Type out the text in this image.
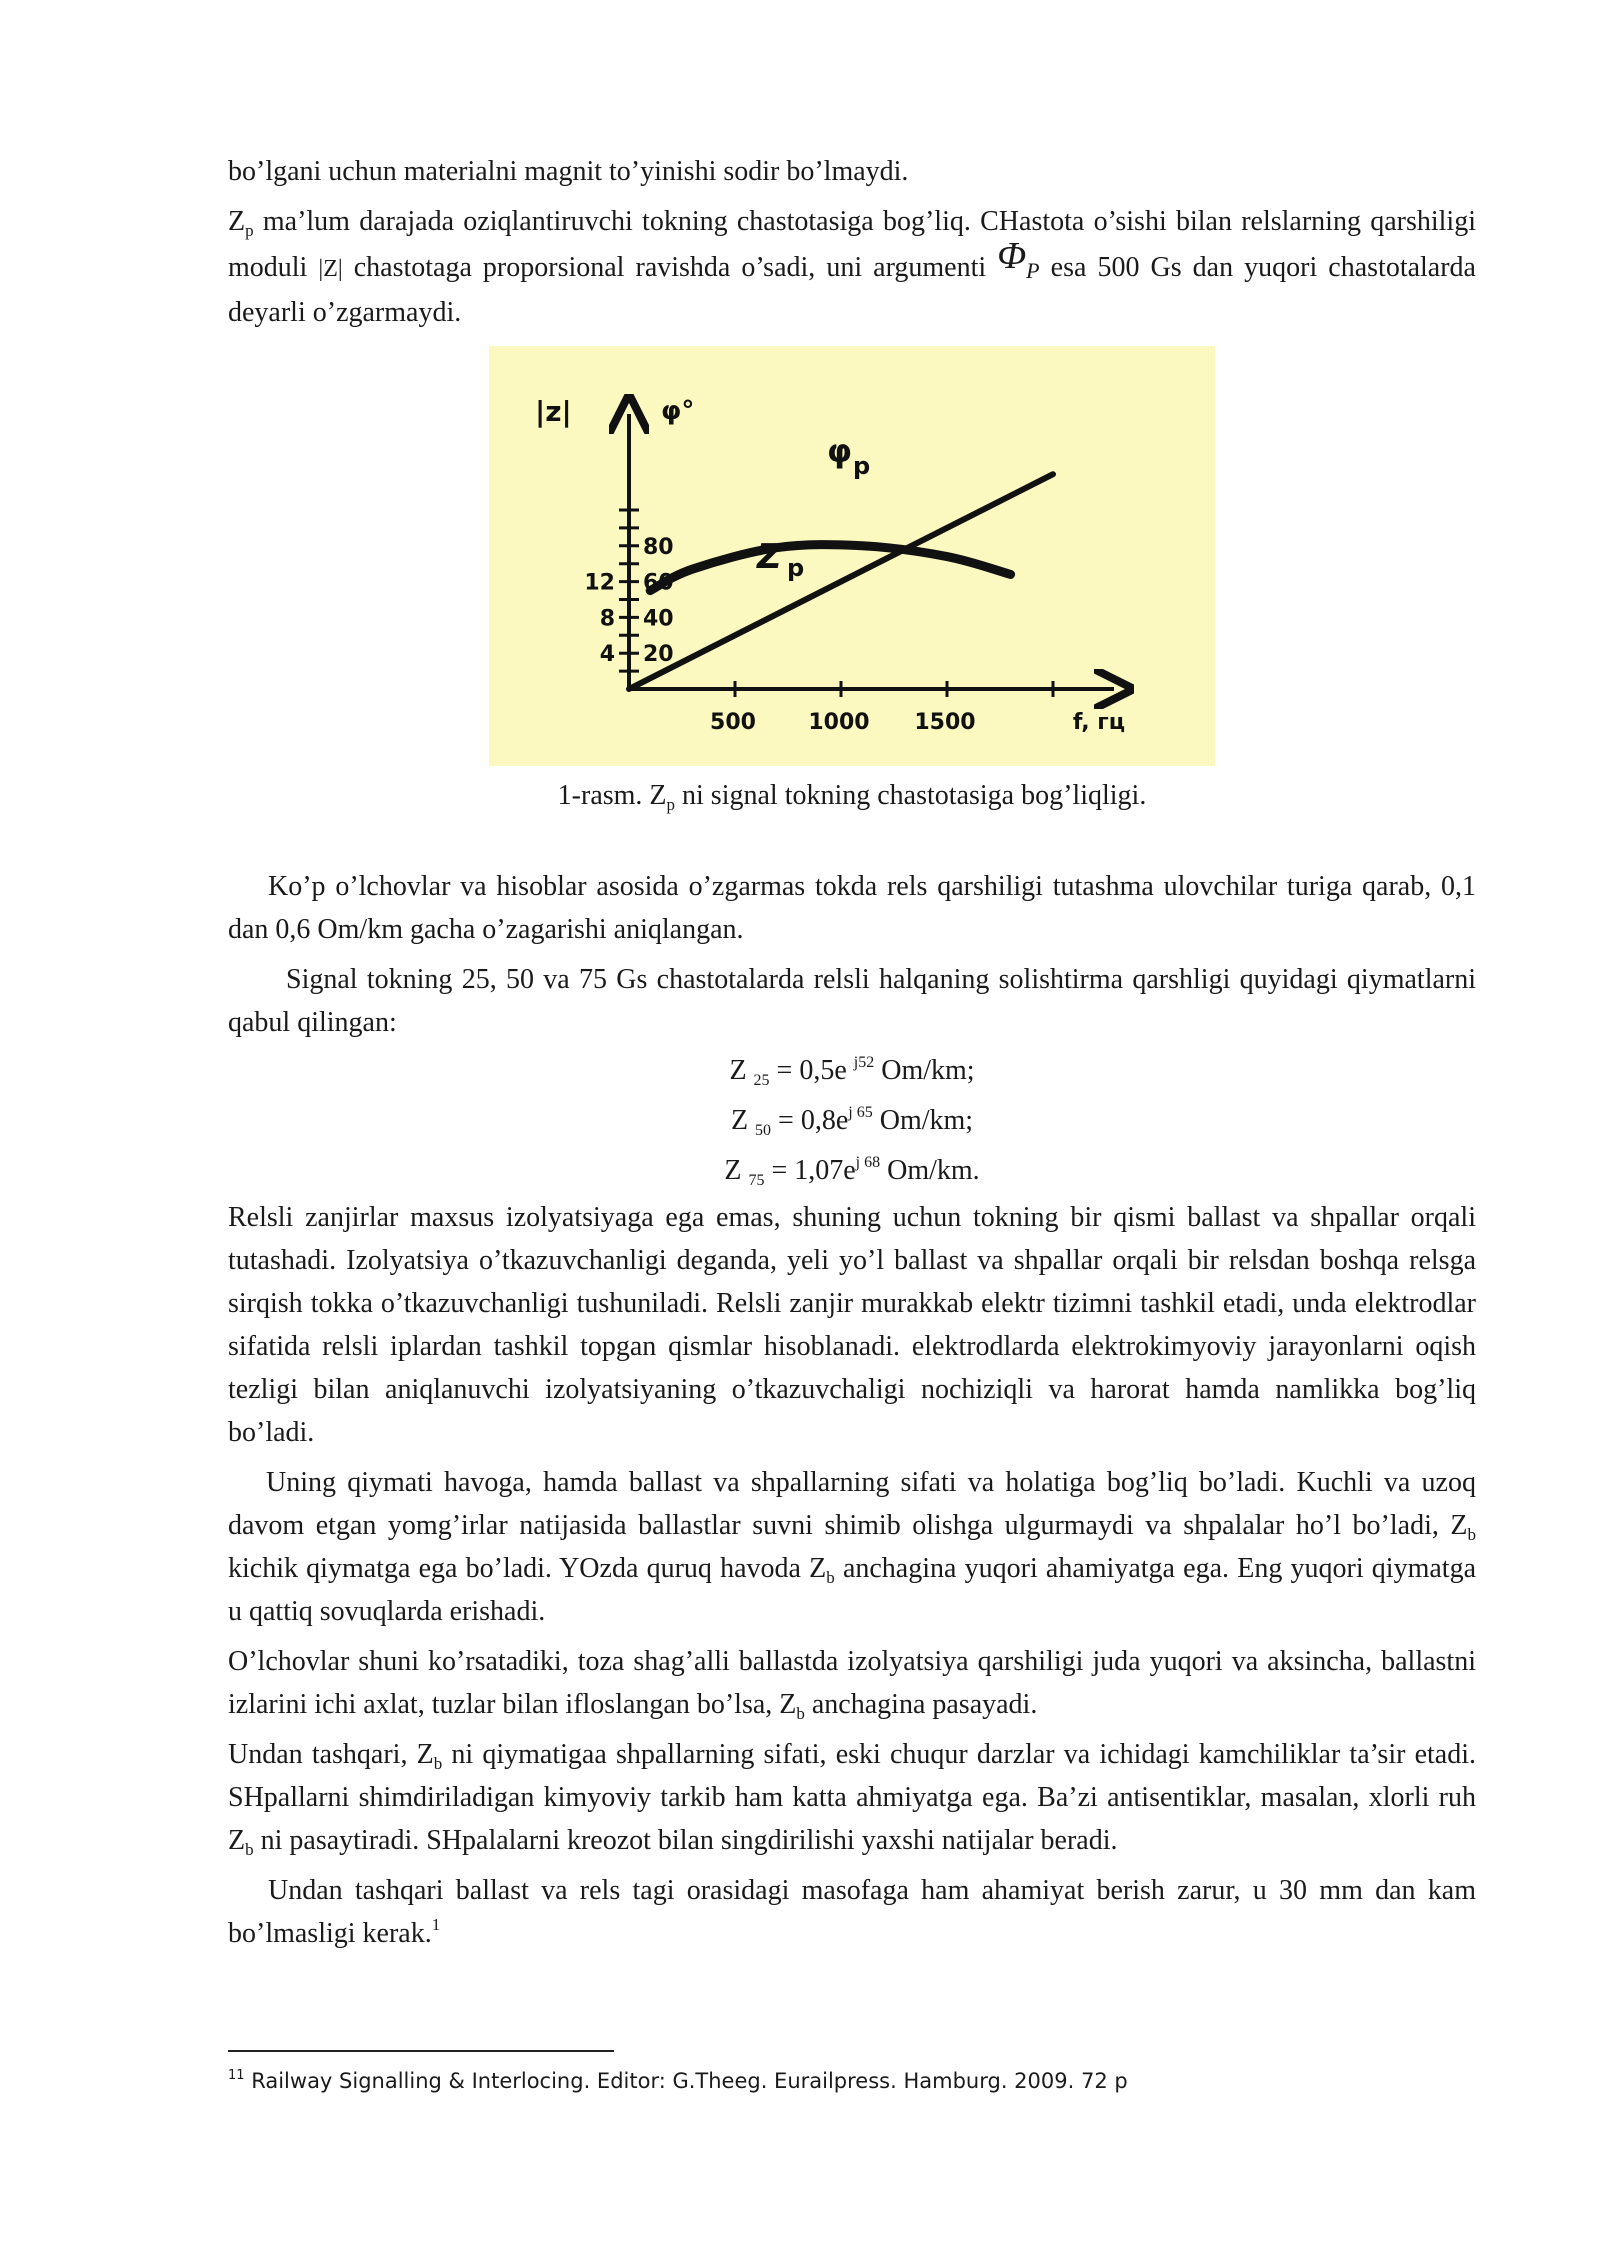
bo’lgani uchun materialni magnit to’yinishi sodir bo’lmaydi.

$Z_p$ ma’lum darajada oziqlantiruvchi tokning chastotasiga bog’liq. CHastota o’sishi bilan relslarning qarshiligi moduli |Z| chastotaga proporsional ravishda o’sadi, uni argumenti ΦP esa 500 Gs dan yuqori chastotalarda deyarli o’zgarmaydi.

500 1000 1500	f, гц
20
40
60
80
4
8
12
|z|	φ°
Z p
φ p
1-rasm. $Z_p$ ni signal tokning chastotasiga bog’liqligi.

Ko’p o’lchovlar va hisoblar asosida o’zgarmas tokda rels qarshiligi tutashma ulovchilar turiga qarab, 0,1 dan 0,6 Om/km gacha o’zagarishi aniqlangan.

Signal tokning 25, 50 va 75 Gs chastotalarda relsli halqaning solishtirma qarshligi quyidagi qiymatlarni qabul qilingan:

Z $_{25}$ = 0,5e $^{j52}$ Om/km;
Z $_{50} = 0,8e^{j 65}$ Om/km;
Z $_{75} = 1,07e^{j 68}$ Om/km.

Relsli zanjirlar maxsus izolyatsiyaga ega emas, shuning uchun tokning bir qismi ballast va shpallar orqali tutashadi. Izolyatsiya o’tkazuvchanligi deganda, yeli yo’l ballast va shpallar orqali bir relsdan boshqa relsga sirqish tokka o’tkazuvchanligi tushuniladi. Relsli zanjir murakkab elektr tizimni tashkil etadi, unda elektrodlar sifatida relsli iplardan tashkil topgan qismlar hisoblanadi. elektrodlarda elektrokimyoviy jarayonlarni oqish tezligi bilan aniqlanuvchi izolyatsiyaning o’tkazuvchaligi nochiziqli va harorat hamda namlikka bog’liq bo’ladi.

Uning qiymati havoga, hamda ballast va shpallarning sifati va holatiga bog’liq bo’ladi. Kuchli va uzoq davom etgan yomg’irlar natijasida ballastlar suvni shimib olishga ulgurmaydi va shpalalar ho’l bo’ladi, $Z_b$ kichik qiymatga ega bo’ladi. YOzda quruq havoda $Z_b$ anchagina yuqori ahamiyatga ega. Eng yuqori qiymatga u qattiq sovuqlarda erishadi.

O’lchovlar shuni ko’rsatadiki, toza shag’alli ballastda izolyatsiya qarshiligi juda yuqori va aksincha, ballastni izlarini ichi axlat, tuzlar bilan ifloslangan bo’lsa, $Z_b$ anchagina pasayadi.

Undan tashqari, $Z_b$ ni qiymatigaa shpallarning sifati, eski chuqur darzlar va ichidagi kamchiliklar ta’sir etadi. SHpallarni shimdiriladigan kimyoviy tarkib ham katta ahmiyatga ega. Ba’zi antisentiklar, masalan, xlorli ruh $Z_b$ ni pasaytiradi. SHpalalarni kreozot bilan singdirilishi yaxshi natijalar beradi.

Undan tashqari ballast va rels tagi orasidagi masofaga ham ahamiyat berish zarur, u 30 mm dan kam bo’lmasligi kerak.$^1$

$^{11}$ Railway Signalling & Interlocing. Editor: G.Theeg. Eurailpress. Hamburg. 2009. 72 p
